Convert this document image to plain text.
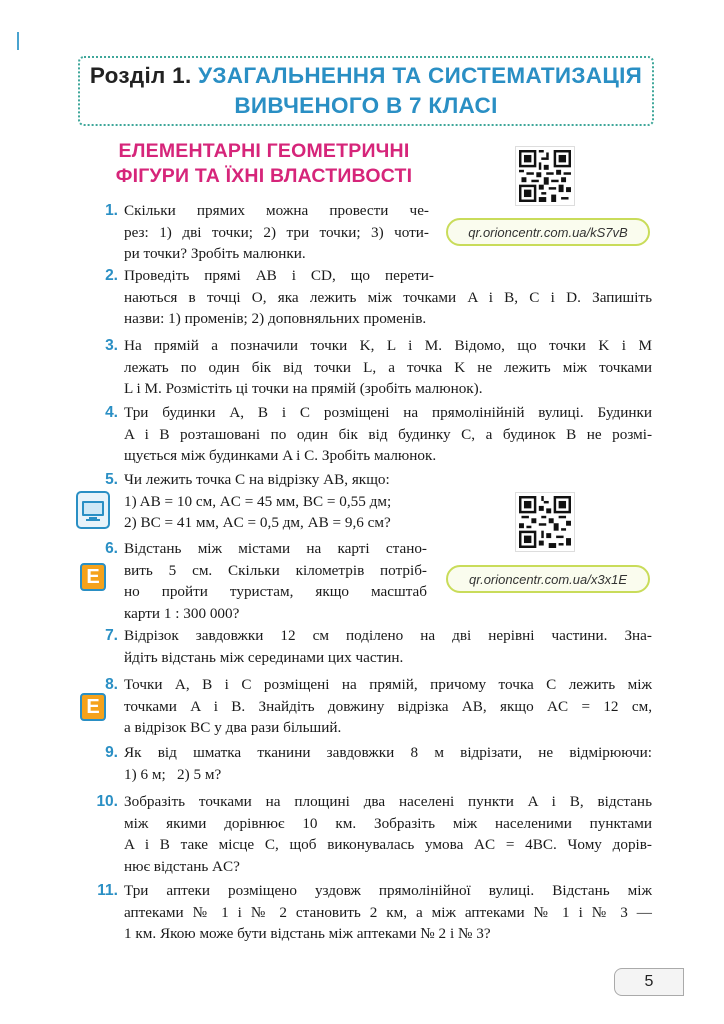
Розділ 1. УЗАГАЛЬНЕННЯ ТА СИСТЕМАТИЗАЦІЯ
ВИВЧЕНОГО В 7 КЛАСІ
ЕЛЕМЕНТАРНІ ГЕОМЕТРИЧНІ
ФІГУРИ ТА ЇХНІ ВЛАСТИВОСТІ
qr.orioncentr.com.ua/kS7vB
qr.orioncentr.com.ua/x3x1E
E
E
1.
2.
3.
4.
5.
6.
7.
8.
9.
10.
11.
Скільки прямих можна провести че-
рез: 1) дві точки; 2) три точки; 3) чоти-
ри точки? Зробіть малюнки.
Проведіть прямі AB і CD, що перети-
наються в точці O, яка лежить між точками A і B, C і D. Запишіть
назви: 1) променів; 2) доповняльних променів.
На прямій a позначили точки K, L і M. Відомо, що точки K і M
лежать по один бік від точки L, а точка K не лежить між точками
L і M. Розмістіть ці точки на прямій (зробіть малюнок).
Три будинки A, B і C розміщені на прямолінійній вулиці. Будинки
A і B розташовані по один бік від будинку C, а будинок B не розмі-
щується між будинками A і C. Зробіть малюнок.
Чи лежить точка C на відрізку AB, якщо:
1) AB = 10 см, AC = 45 мм, BC = 0,55 дм;
2) BC = 41 мм, AC = 0,5 дм, AB = 9,6 см?
Відстань між містами на карті стано-
вить 5 см. Скільки кілометрів потріб-
но пройти туристам, якщо масштаб
карти 1 : 300 000?
Відрізок завдовжки 12 см поділено на дві нерівні частини. Зна-
йдіть відстань між серединами цих частин.
Точки A, B і C розміщені на прямій, причому точка C лежить між
точками A і B. Знайдіть довжину відрізка AB, якщо AC = 12 см,
а відрізок BC у два рази більший.
Як від шматка тканини завдовжки 8 м відрізати, не відмірюючи:
1) 6 м;   2) 5 м?
Зобразіть точками на площині два населені пункти A і B, відстань
між якими дорівнює 10 км. Зобразіть між населеними пунктами
A і B таке місце C, щоб виконувалась умова AC = 4BC. Чому дорів-
нює відстань AC?
Три аптеки розміщено уздовж прямолінійної вулиці. Відстань між
аптеками № 1 і № 2 становить 2 км, а між аптеками № 1 і № 3 —
1 км. Якою може бути відстань між аптеками № 2 і № 3?
5
